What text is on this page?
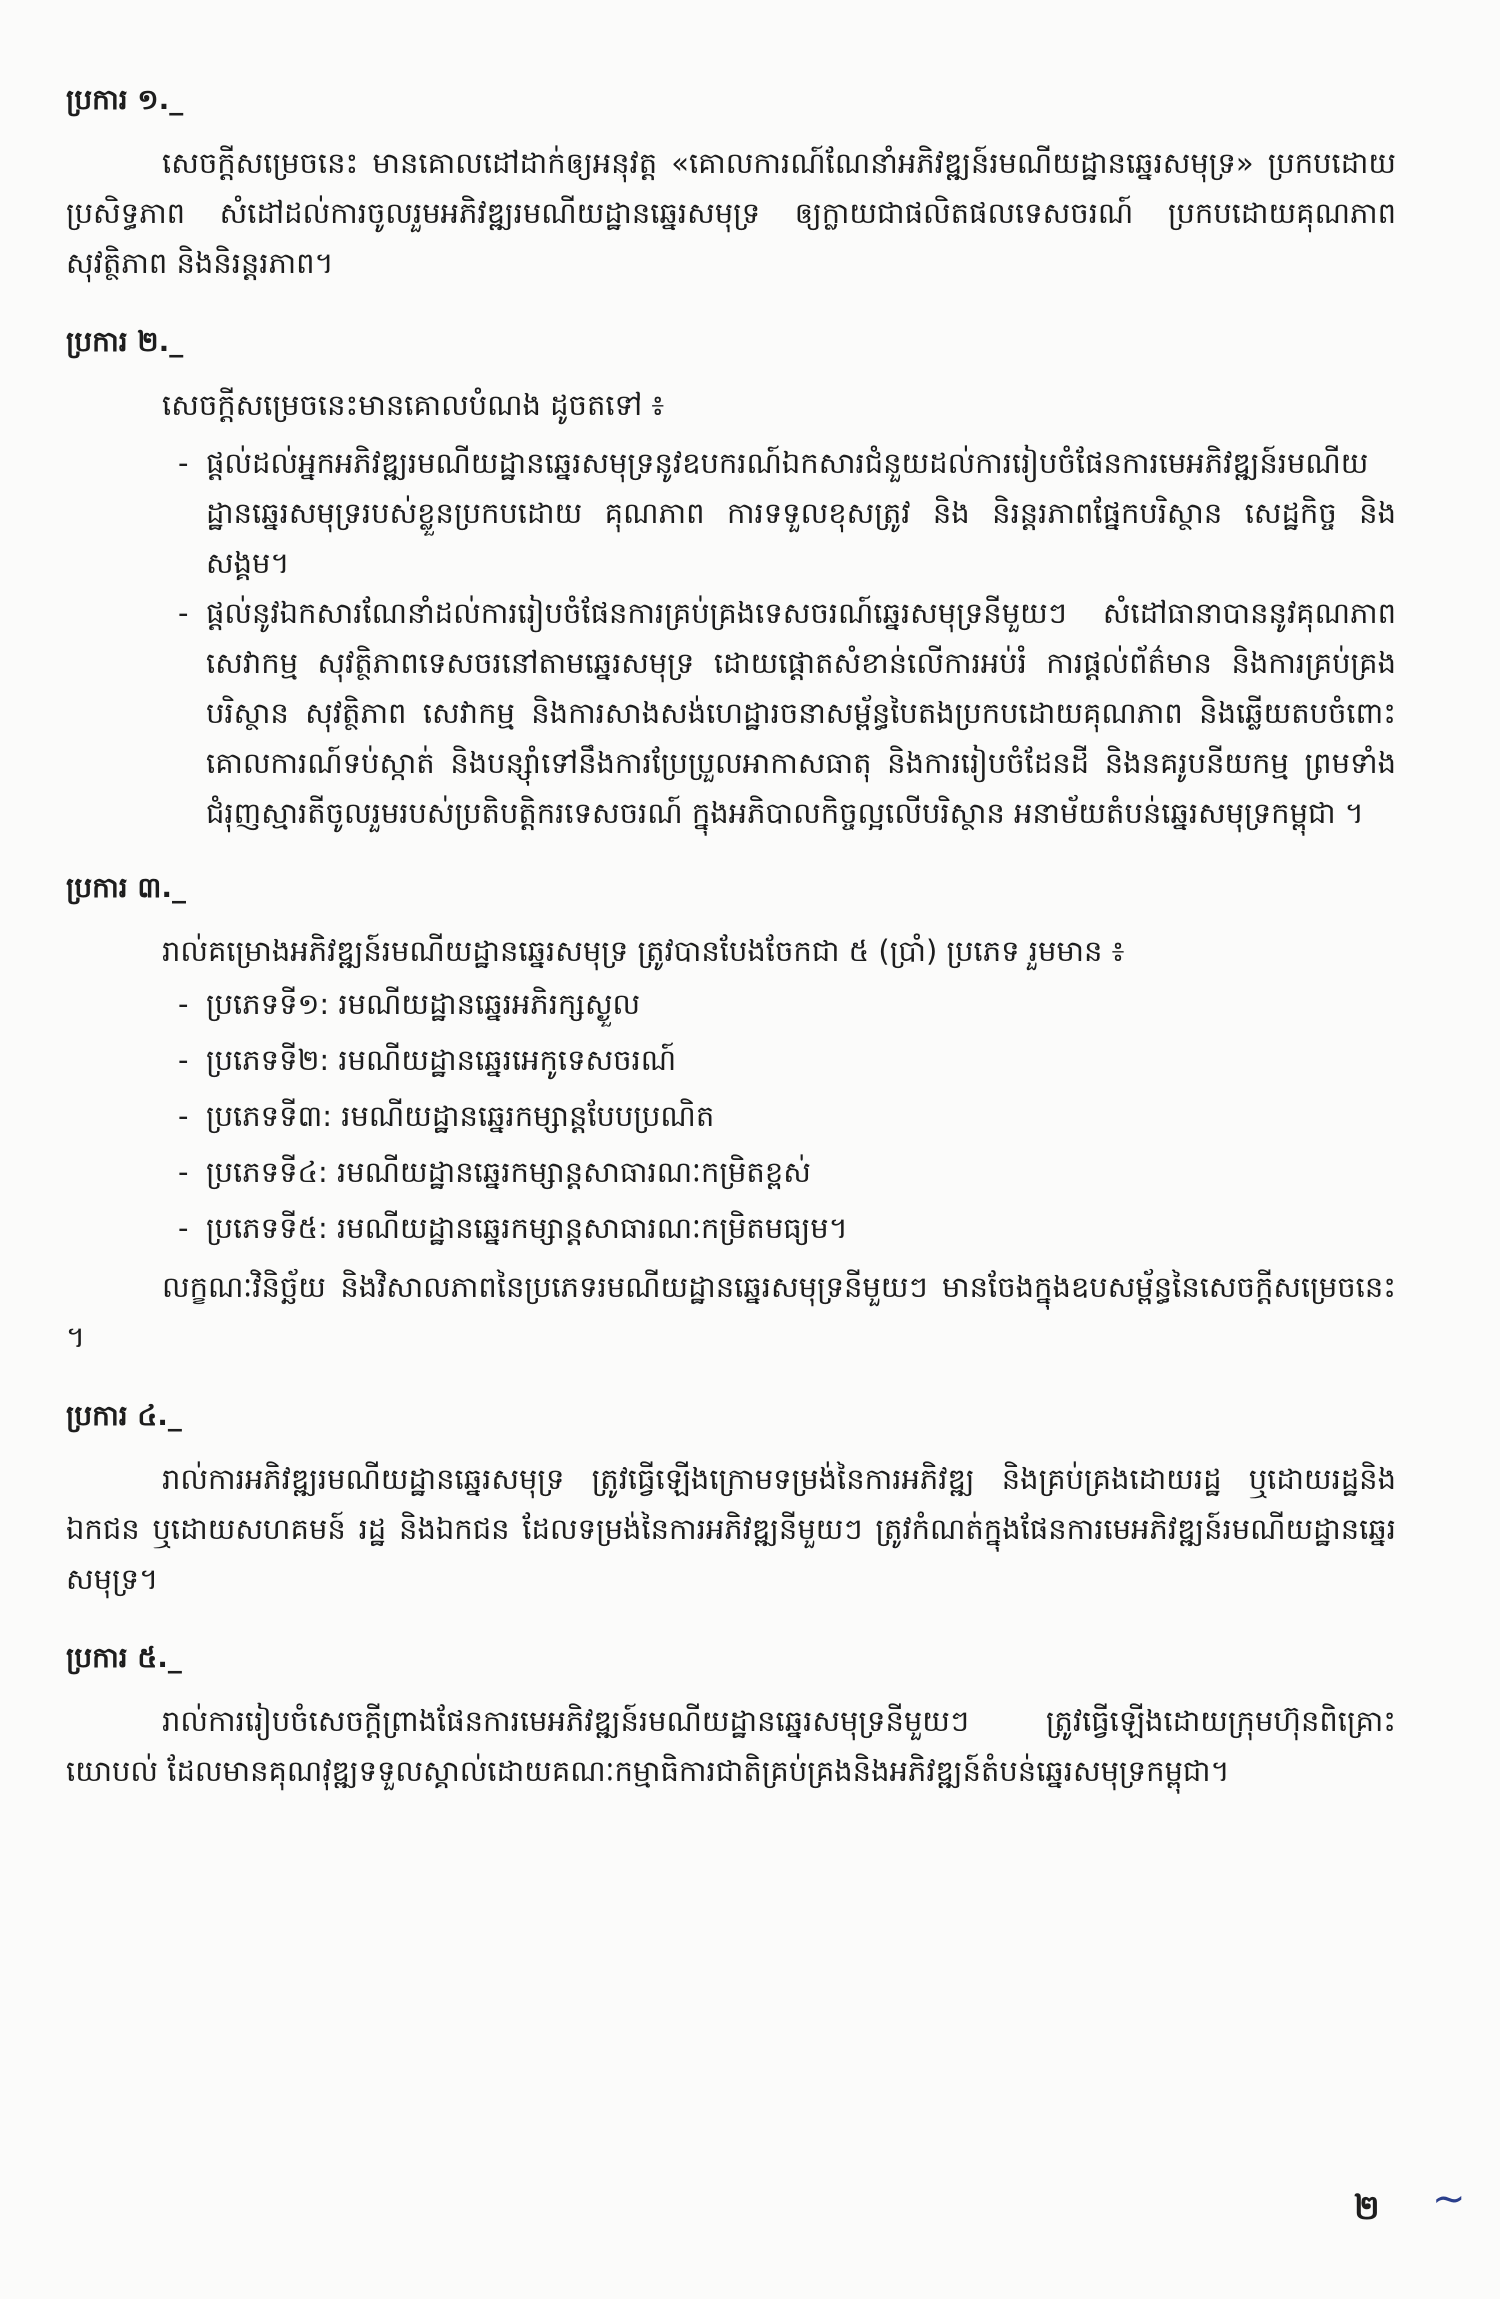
ប្រការ ១._

សេចក្តីសម្រេចនេះ មានគោលដៅដាក់ឲ្យអនុវត្ត «គោលការណ៍ណែនាំអភិវឌ្ឍន៍រមណីយដ្ឋានឆ្នេរសមុទ្រ» ប្រកបដោយប្រសិទ្ធភាព សំដៅដល់ការចូលរួមអភិវឌ្ឍរមណីយដ្ឋានឆ្នេរសមុទ្រ ឲ្យក្លាយជាផលិតផលទេសចរណ៍ ប្រកបដោយគុណភាព សុវត្ថិភាព និងនិរន្តរភាព។

ប្រការ ២._

សេចក្តីសម្រេចនេះមានគោលបំណង ដូចតទៅ ៖

- ផ្តល់ដល់អ្នកអភិវឌ្ឍរមណីយដ្ឋានឆ្នេរសមុទ្រនូវឧបករណ៍ឯកសារជំនួយដល់ការរៀបចំផែនការមេអភិវឌ្ឍន៍រមណីយដ្ឋានឆ្នេរសមុទ្ររបស់ខ្លួនប្រកបដោយ គុណភាព ការទទួលខុសត្រូវ និង និរន្តរភាពផ្នែកបរិស្ថាន សេដ្ឋកិច្ច និងសង្គម។
- ផ្តល់នូវឯកសារណែនាំដល់ការរៀបចំផែនការគ្រប់គ្រងទេសចរណ៍ឆ្នេរសមុទ្រនីមួយៗ សំដៅធានាបាននូវគុណភាពសេវាកម្ម សុវត្ថិភាពទេសចរនៅតាមឆ្នេរសមុទ្រ ដោយផ្តោតសំខាន់លើការអប់រំ ការផ្តល់ព័ត៌មាន និងការគ្រប់គ្រងបរិស្ថាន សុវត្ថិភាព សេវាកម្ម និងការសាងសង់ហេដ្ឋារចនាសម្ព័ន្ធបៃតងប្រកបដោយគុណភាព និងឆ្លើយតបចំពោះគោលការណ៍ទប់ស្កាត់ និងបន្ស៊ាំទៅនឹងការប្រែប្រួលអាកាសធាតុ និងការរៀបចំដែនដី និងនគរូបនីយកម្ម ព្រមទាំងជំរុញស្មារតីចូលរួមរបស់ប្រតិបត្តិករទេសចរណ៍ ក្នុងអភិបាលកិច្ចល្អលើបរិស្ថាន អនាម័យតំបន់ឆ្នេរសមុទ្រកម្ពុជា ។
ប្រការ ៣._

រាល់គម្រោងអភិវឌ្ឍន៍រមណីយដ្ឋានឆ្នេរសមុទ្រ ត្រូវបានបែងចែកជា ៥ (ប្រាំ) ប្រភេទ រួមមាន ៖

- ប្រភេទទី១: រមណីយដ្ឋានឆ្នេរអភិរក្សស្ងួល
- ប្រភេទទី២: រមណីយដ្ឋានឆ្នេរអេកូទេសចរណ៍
- ប្រភេទទី៣: រមណីយដ្ឋានឆ្នេរកម្សាន្តបែបប្រណិត
- ប្រភេទទី៤: រមណីយដ្ឋានឆ្នេរកម្សាន្តសាធារណៈកម្រិតខ្ពស់
- ប្រភេទទី៥: រមណីយដ្ឋានឆ្នេរកម្សាន្តសាធារណៈកម្រិតមធ្យម។

លក្ខណៈវិនិច្ឆ័យ និងវិសាលភាពនៃប្រភេទរមណីយដ្ឋានឆ្នេរសមុទ្រនីមួយៗ មានចែងក្នុងឧបសម្ព័ន្ធនៃសេចក្តីសម្រេចនេះ ។

ប្រការ ៤._

រាល់ការអភិវឌ្ឍរមណីយដ្ឋានឆ្នេរសមុទ្រ ត្រូវធ្វើឡើងក្រោមទម្រង់នៃការអភិវឌ្ឍ និងគ្រប់គ្រងដោយរដ្ឋ ឬដោយរដ្ឋនិងឯកជន ឬដោយសហគមន៍ រដ្ឋ និងឯកជន ដែលទម្រង់នៃការអភិវឌ្ឍនីមួយៗ ត្រូវកំណត់ក្នុងផែនការមេអភិវឌ្ឍន៍រមណីយដ្ឋានឆ្នេរសមុទ្រ។

ប្រការ ៥._

រាល់ការរៀបចំសេចក្តីព្រាងផែនការមេអភិវឌ្ឍន៍រមណីយដ្ឋានឆ្នេរសមុទ្រនីមួយៗ ត្រូវធ្វើឡើងដោយក្រុមហ៊ុនពិគ្រោះយោបល់ ដែលមានគុណវុឌ្ឍទទួលស្គាល់ដោយគណៈកម្មាធិការជាតិគ្រប់គ្រងនិងអភិវឌ្ឍន៍តំបន់ឆ្នេរសមុទ្រកម្ពុជា។

២ ~
